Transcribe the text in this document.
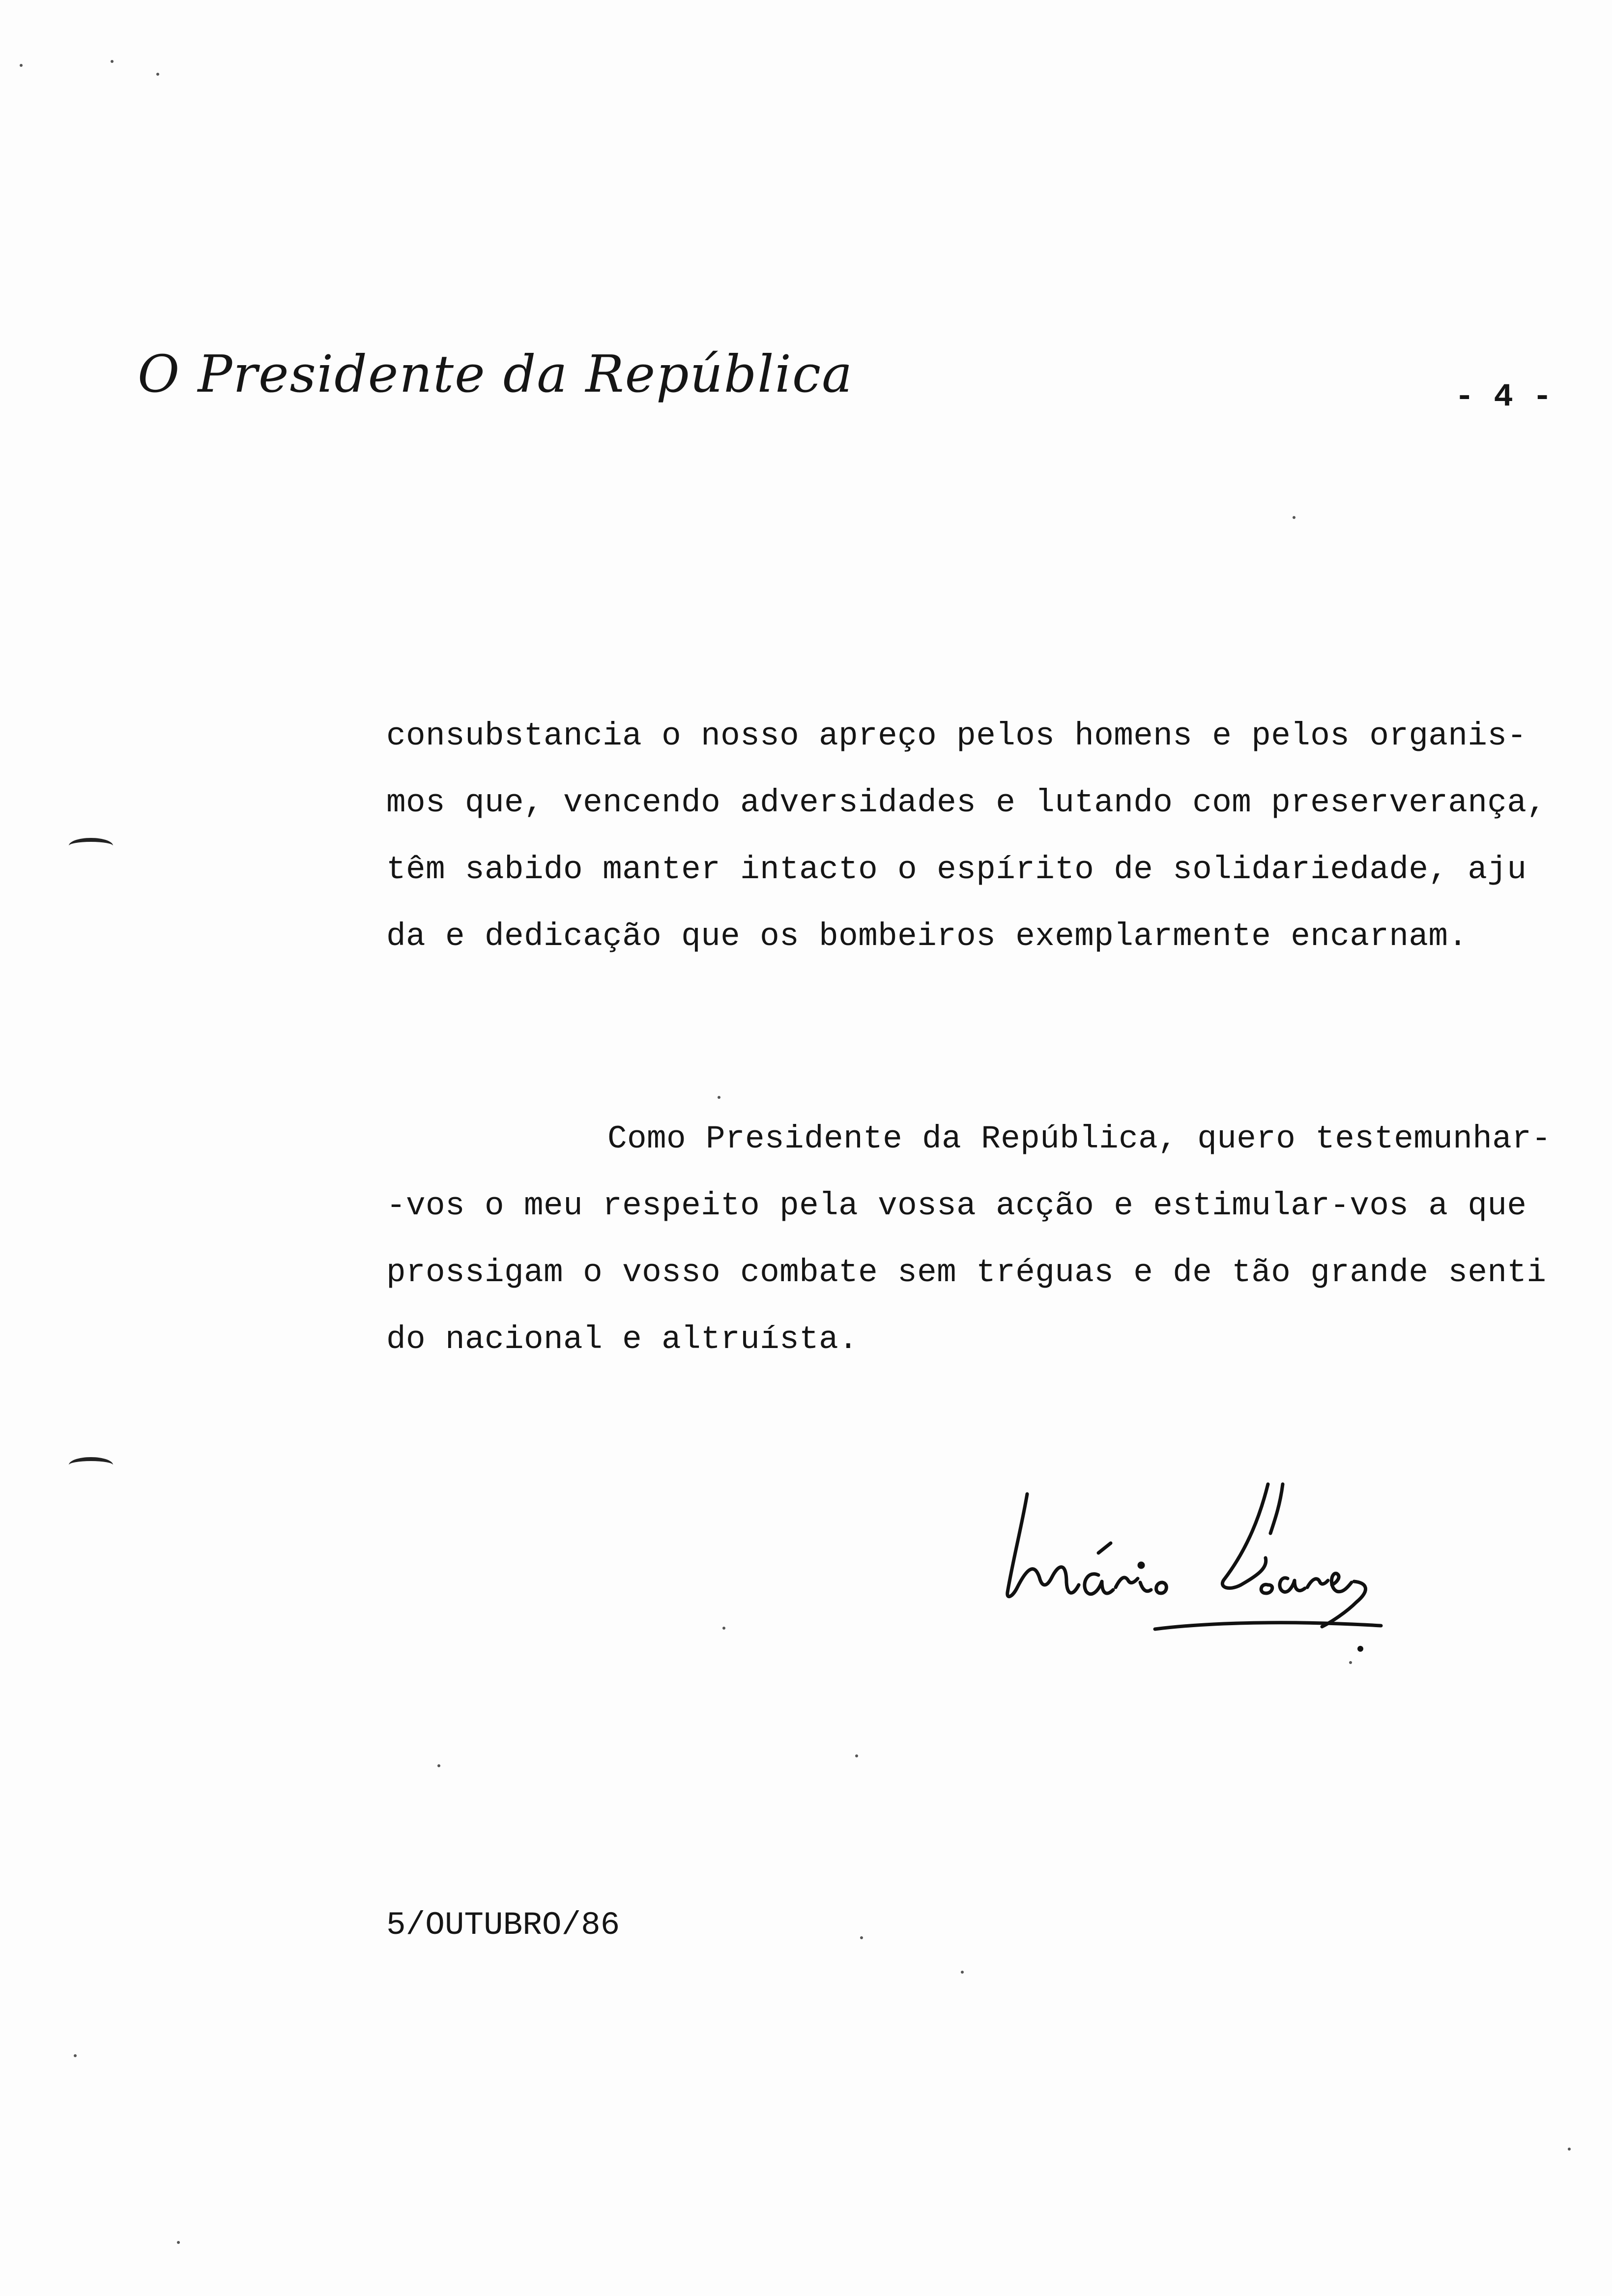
O Presidente da República	- 4 -
consubstancia o nosso apreço pelos homens e pelos organis-
mos que, vencendo adversidades e lutando com preserverança,
têm sabido manter intacto o espírito de solidariedade, aju
da e dedicação que os bombeiros exemplarmente encarnam.
Como Presidente da República, quero testemunhar-
-vos o meu respeito pela vossa acção e estimular-vos a que
prossigam o vosso combate sem tréguas e de tão grande senti
do nacional e altruísta.
5/OUTUBRO/86
